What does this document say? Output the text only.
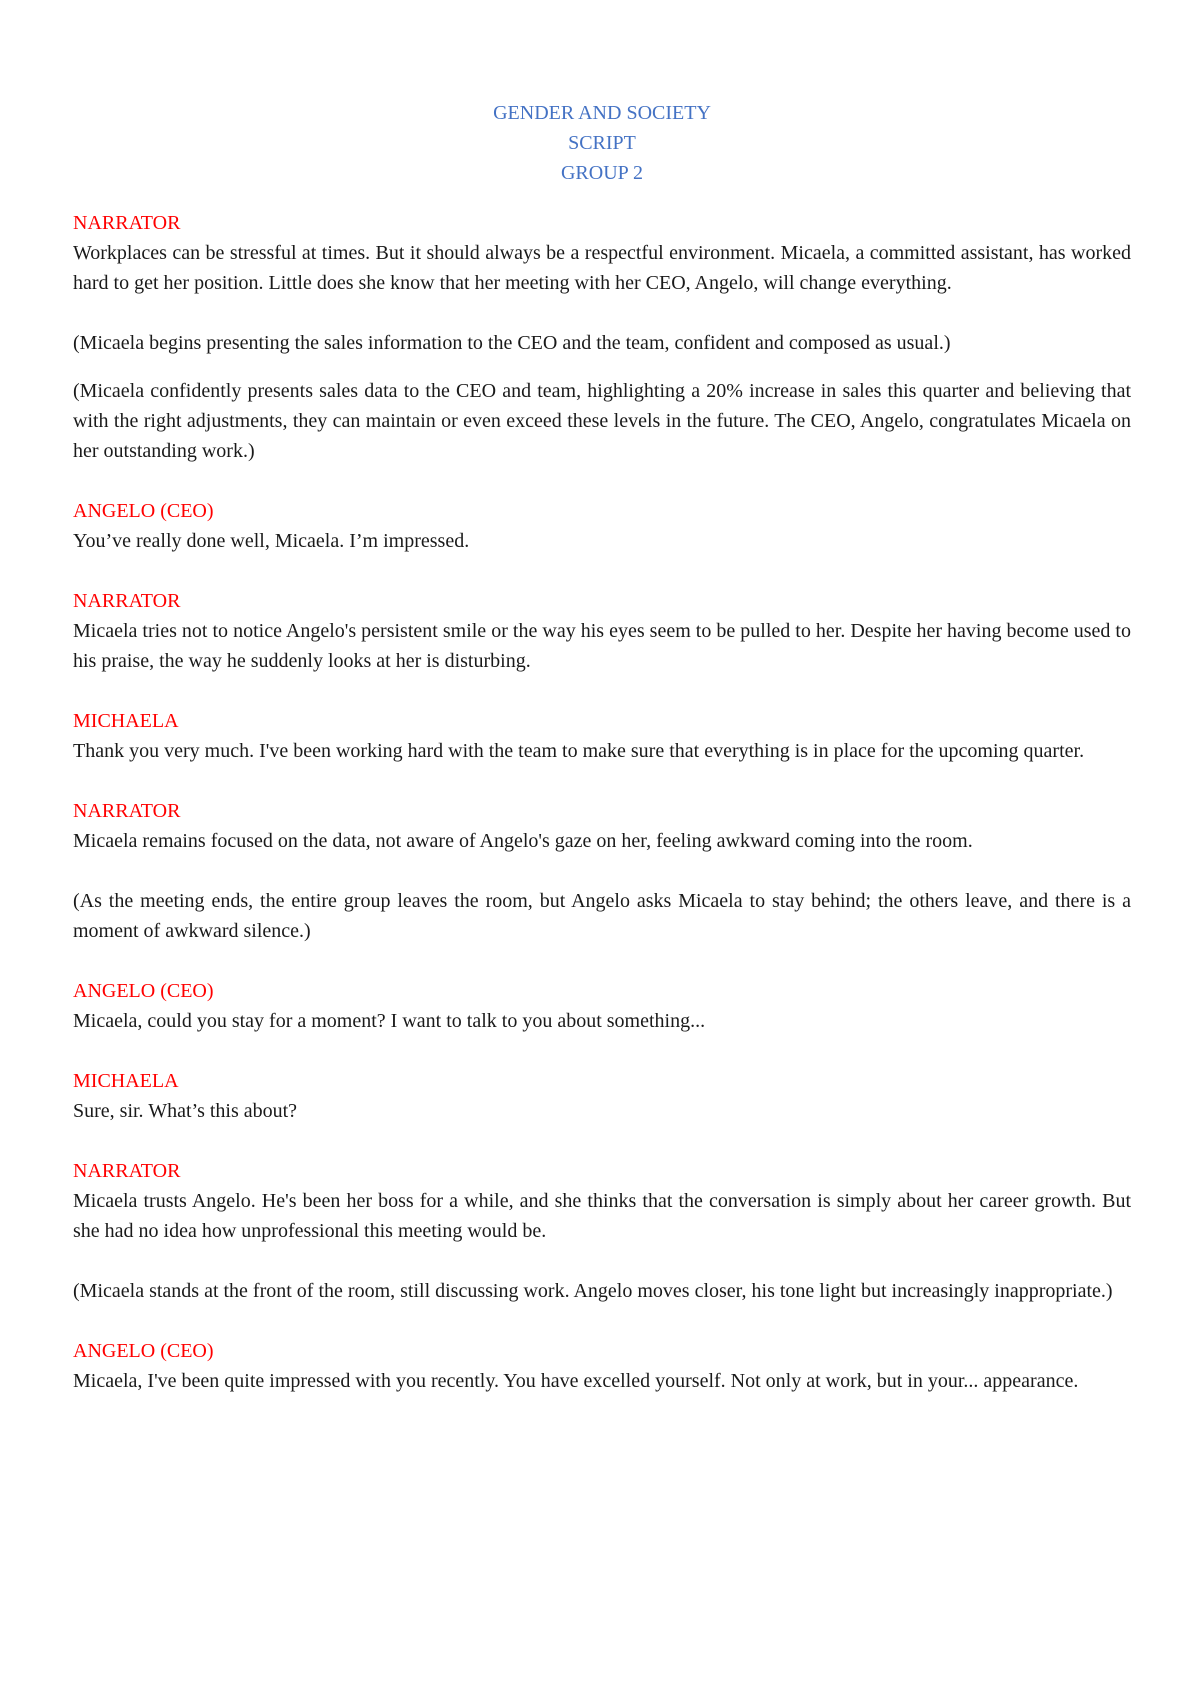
GENDER AND SOCIETY
SCRIPT
GROUP 2

NARRATOR

Workplaces can be stressful at times. But it should always be a respectful environment. Micaela, a committed assistant, has worked hard to get her position. Little does she know that her meeting with her CEO, Angelo, will change everything.

(Micaela begins presenting the sales information to the CEO and the team, confident and composed as usual.)

(Micaela confidently presents sales data to the CEO and team, highlighting a 20% increase in sales this quarter and believing that with the right adjustments, they can maintain or even exceed these levels in the future. The CEO, Angelo, congratulates Micaela on her outstanding work.)

ANGELO (CEO)

You’ve really done well, Micaela. I’m impressed.

NARRATOR

Micaela tries not to notice Angelo's persistent smile or the way his eyes seem to be pulled to her. Despite her having become used to his praise, the way he suddenly looks at her is disturbing.

MICHAELA

Thank you very much. I've been working hard with the team to make sure that everything is in place for the upcoming quarter.

NARRATOR

Micaela remains focused on the data, not aware of Angelo's gaze on her, feeling awkward coming into the room.

(As the meeting ends, the entire group leaves the room, but Angelo asks Micaela to stay behind; the others leave, and there is a moment of awkward silence.)

ANGELO (CEO)

Micaela, could you stay for a moment? I want to talk to you about something...

MICHAELA

Sure, sir. What’s this about?

NARRATOR

Micaela trusts Angelo. He's been her boss for a while, and she thinks that the conversation is simply about her career growth. But she had no idea how unprofessional this meeting would be.

(Micaela stands at the front of the room, still discussing work. Angelo moves closer, his tone light but increasingly inappropriate.)

ANGELO (CEO)

Micaela, I've been quite impressed with you recently. You have excelled yourself. Not only at work, but in your... appearance.
